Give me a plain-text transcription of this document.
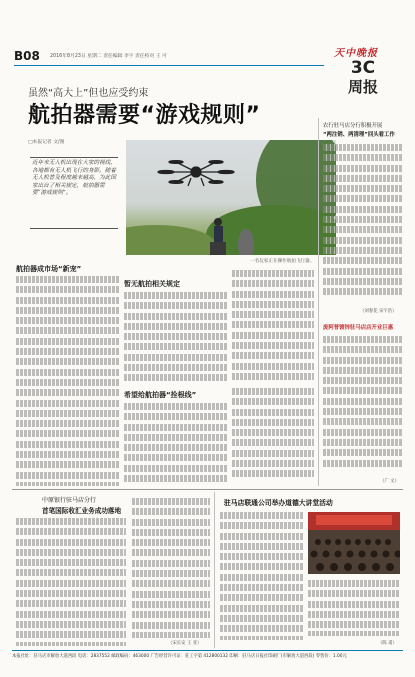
B08 2016年8月23日 星期二 责任编辑 李宇 责任校对 王 可	天中晚报
3C
周报
虽然“高大上”但也应受约束
航拍器需要“游戏规则”
□本报记者 文/图
近年来无人机出现在大家的视线，各地都有无人机飞行的身影。随着无人机普及程度越来越高，为此国家出台了相关规定，航拍器需要“游戏规则”。
一名玩家正在操作航拍飞行器。
航拍器成市场“新宠”
暂无航拍相关规定
希望给航拍器“拴根线”
农行驻马店分行积极开展
“两注销、两清理”回头看工作
（刘春花 宋宇浩）
废阿普镀锌驻马店店开业巨惠
（广 文）
中原银行驻马店分行
首笔国际收汇业务成功落地
（宋长安 王 亚）
驻马店联通公司举办道德大讲堂活动
（陈 甫）
本报社址：驻马店市解放大道西段 电话：2837552 邮政编码：463000 广告经营许可证：驻工字第 412800132 印刷：驻马店日报社印刷厂(市解放大道西段) 零售价：1.00元
